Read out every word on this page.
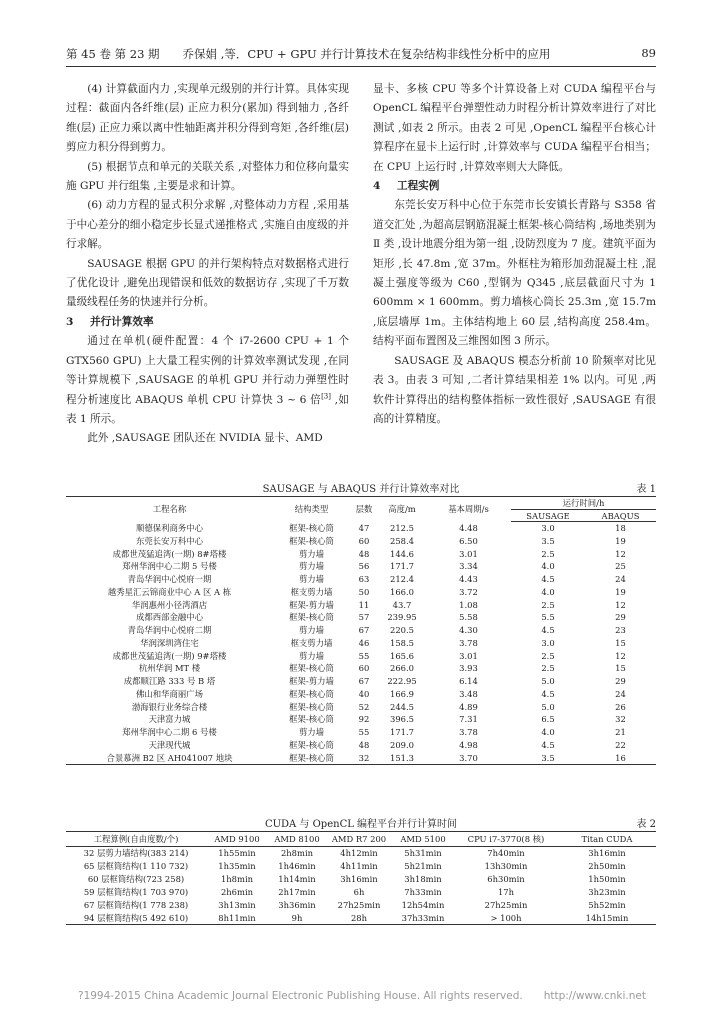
第 45 卷 第 23 期　　乔保娟 ,等．CPU + GPU 并行计算技术在复杂结构非线性分析中的应用	89

(4) 计算截面内力 ,实现单元级别的并行计算。具体实现过程：截面内各纤维(层) 正应力积分(累加) 得到轴力 ,各纤维(层) 正应力乘以离中性轴距离并积分得到弯矩 ,各纤维(层) 剪应力积分得到剪力。

(5) 根据节点和单元的关联关系 ,对整体力和位移向量实施 GPU 并行组集 ,主要是求和计算。

(6) 动力方程的显式积分求解 ,对整体动力方程 ,采用基于中心差分的细小稳定步长显式递推格式 ,实施自由度级的并行求解。

SAUSAGE 根据 GPU 的并行架构特点对数据格式进行了优化设计 ,避免出现错误和低效的数据访存 ,实现了千万数量级线程任务的快速并行分析。

3 并行计算效率

通过在单机(硬件配置：4 个 i7-2600 CPU + 1 个 GTX560 GPU) 上大量工程实例的计算效率测试发现 ,在同等计算规模下 ,SAUSAGE 的单机 GPU 并行动力弹塑性时程分析速度比 ABAQUS 单机 CPU 计算快 3 ~ 6 倍[3] ,如表 1 所示。

此外 ,SAUSAGE 团队还在 NVIDIA 显卡、AMD

显卡、多核 CPU 等多个计算设备上对 CUDA 编程平台与 OpenCL 编程平台弹塑性动力时程分析计算效率进行了对比测试 ,如表 2 所示。由表 2 可见 ,OpenCL 编程平台核心计算程序在显卡上运行时 ,计算效率与 CUDA 编程平台相当；在 CPU 上运行时 ,计算效率则大大降低。

4 工程实例

东莞长安万科中心位于东莞市长安镇长青路与 S358 省道交汇处 ,为超高层钢筋混凝土框架-核心筒结构 ,场地类别为 Ⅱ 类 ,设计地震分组为第一组 ,设防烈度为 7 度。建筑平面为矩形 ,长 47.8m ,宽 37m。外框柱为箱形加劲混凝土柱 ,混凝土强度等级为 C60 ,型钢为 Q345 ,底层截面尺寸为 1 600mm × 1 600mm。剪力墙核心筒长 25.3m ,宽 15.7m ,底层墙厚 1m。主体结构地上 60 层 ,结构高度 258.4m。结构平面布置图及三维图如图 3 所示。

SAUSAGE 及 ABAQUS 模态分析前 10 阶频率对比见表 3。由表 3 可知 ,二者计算结果相差 1% 以内。可见 ,两软件计算得出的结构整体指标一致性很好 ,SAUSAGE 有很高的计算精度。

SAUSAGE 与 ABAQUS 并行计算效率对比	表 1
工程名称	结构类型	层数	高度/m	基本周期/s	运行时间/h	
					SAUSAGE	ABAQUS
顺德保利商务中心	框架-核心筒	47	212.5	4.48	3.0	18
东莞长安万科中心	框架-核心筒	60	258.4	6.50	3.5	19
成都世茂猛追湾(一期) 8#塔楼	剪力墙	48	144.6	3.01	2.5	12
郑州华润中心二期 5 号楼	剪力墙	56	171.7	3.34	4.0	25
青岛华润中心悦府一期	剪力墙	63	212.4	4.43	4.5	24
越秀星汇云锦商业中心 A 区 A 栋	框支剪力墙	50	166.0	3.72	4.0	19
华润惠州小径湾酒店	框架-剪力墙	11	43.7	1.08	2.5	12
成都西部金融中心	框架-核心筒	57	239.95	5.58	5.5	29
青岛华润中心悦府二期	剪力墙	67	220.5	4.30	4.5	23
华润深圳湾住宅	框支剪力墙	46	158.5	3.78	3.0	15
成都世茂猛追湾(一期) 9#塔楼	剪力墙	55	165.6	3.01	2.5	12
杭州华润 MT 楼	框架-核心筒	60	266.0	3.93	2.5	15
成都顺江路 333 号 B 塔	框架-剪力墙	67	222.95	6.14	5.0	29
佛山和华商丽广场	框架-核心筒	40	166.9	3.48	4.5	24
渤海银行业务综合楼	框架-核心筒	52	244.5	4.89	5.0	26
天津富力城	框架-核心筒	92	396.5	7.31	6.5	32
郑州华润中心二期 6 号楼	剪力墙	55	171.7	3.78	4.0	21
天津现代城	框架-核心筒	48	209.0	4.98	4.5	22
合景慕洲 B2 区 AH041007 地块	框架-核心筒	32	151.3	3.70	3.5	16
CUDA 与 OpenCL 编程平台并行计算时间	表 2
工程算例(自由度数/个)	AMD 9100	AMD 8100	AMD R7 200	AMD 5100	CPU i7-3770(8 核)	Titan CUDA
32 层剪力墙结构(383 214)	1h55min	2h8min	4h12min	5h31min	7h40min	3h16min
65 层框筒结构(1 110 732)	1h35min	1h46min	4h11min	5h21min	13h30min	2h50min
60 层框筒结构(723 258)	1h8min	1h14min	3h16min	3h18min	6h30min	1h50min
59 层框筒结构(1 703 970)	2h6min	2h17min	6h	7h33min	17h	3h23min
67 层框筒结构(1 778 238)	3h13min	3h36min	27h25min	12h54min	27h25min	5h52min
94 层框筒结构(5 492 610)	8h11min	9h	28h	37h33min	> 100h	14h15min
?1994-2015 China Academic Journal Electronic Publishing House. All rights reserved.　　http://www.cnki.net
